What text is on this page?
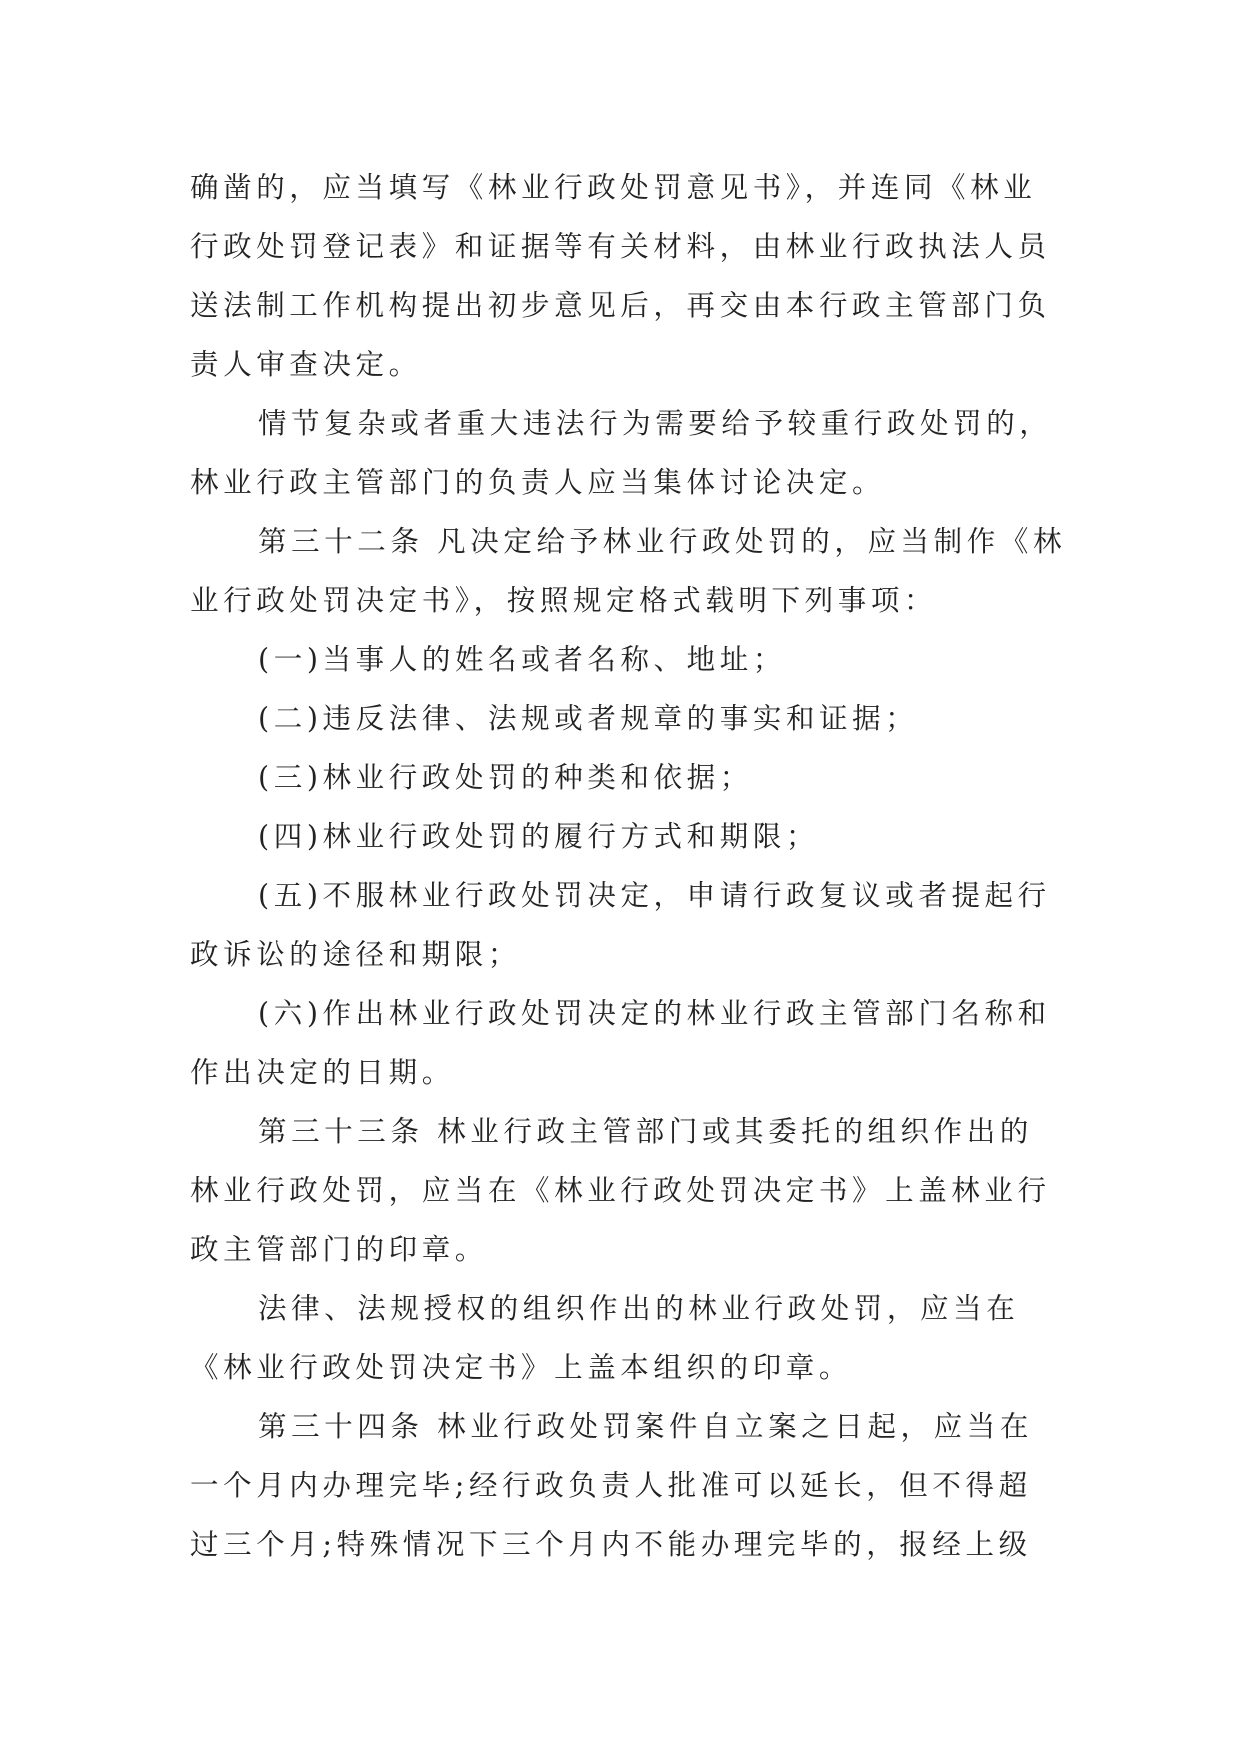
确凿的，应当填写《林业行政处罚意见书》，并连同《林业
行政处罚登记表》和证据等有关材料，由林业行政执法人员
送法制工作机构提出初步意见后，再交由本行政主管部门负
责人审查决定。
情节复杂或者重大违法行为需要给予较重行政处罚的，
林业行政主管部门的负责人应当集体讨论决定。
第三十二条 凡决定给予林业行政处罚的，应当制作《林
业行政处罚决定书》，按照规定格式载明下列事项：
(一)当事人的姓名或者名称、地址；
(二)违反法律、法规或者规章的事实和证据；
(三)林业行政处罚的种类和依据；
(四)林业行政处罚的履行方式和期限；
(五)不服林业行政处罚决定，申请行政复议或者提起行
政诉讼的途径和期限；
(六)作出林业行政处罚决定的林业行政主管部门名称和
作出决定的日期。
第三十三条 林业行政主管部门或其委托的组织作出的
林业行政处罚，应当在《林业行政处罚决定书》上盖林业行
政主管部门的印章。
法律、法规授权的组织作出的林业行政处罚，应当在
《林业行政处罚决定书》上盖本组织的印章。
第三十四条 林业行政处罚案件自立案之日起，应当在
一个月内办理完毕;经行政负责人批准可以延长，但不得超
过三个月;特殊情况下三个月内不能办理完毕的，报经上级
